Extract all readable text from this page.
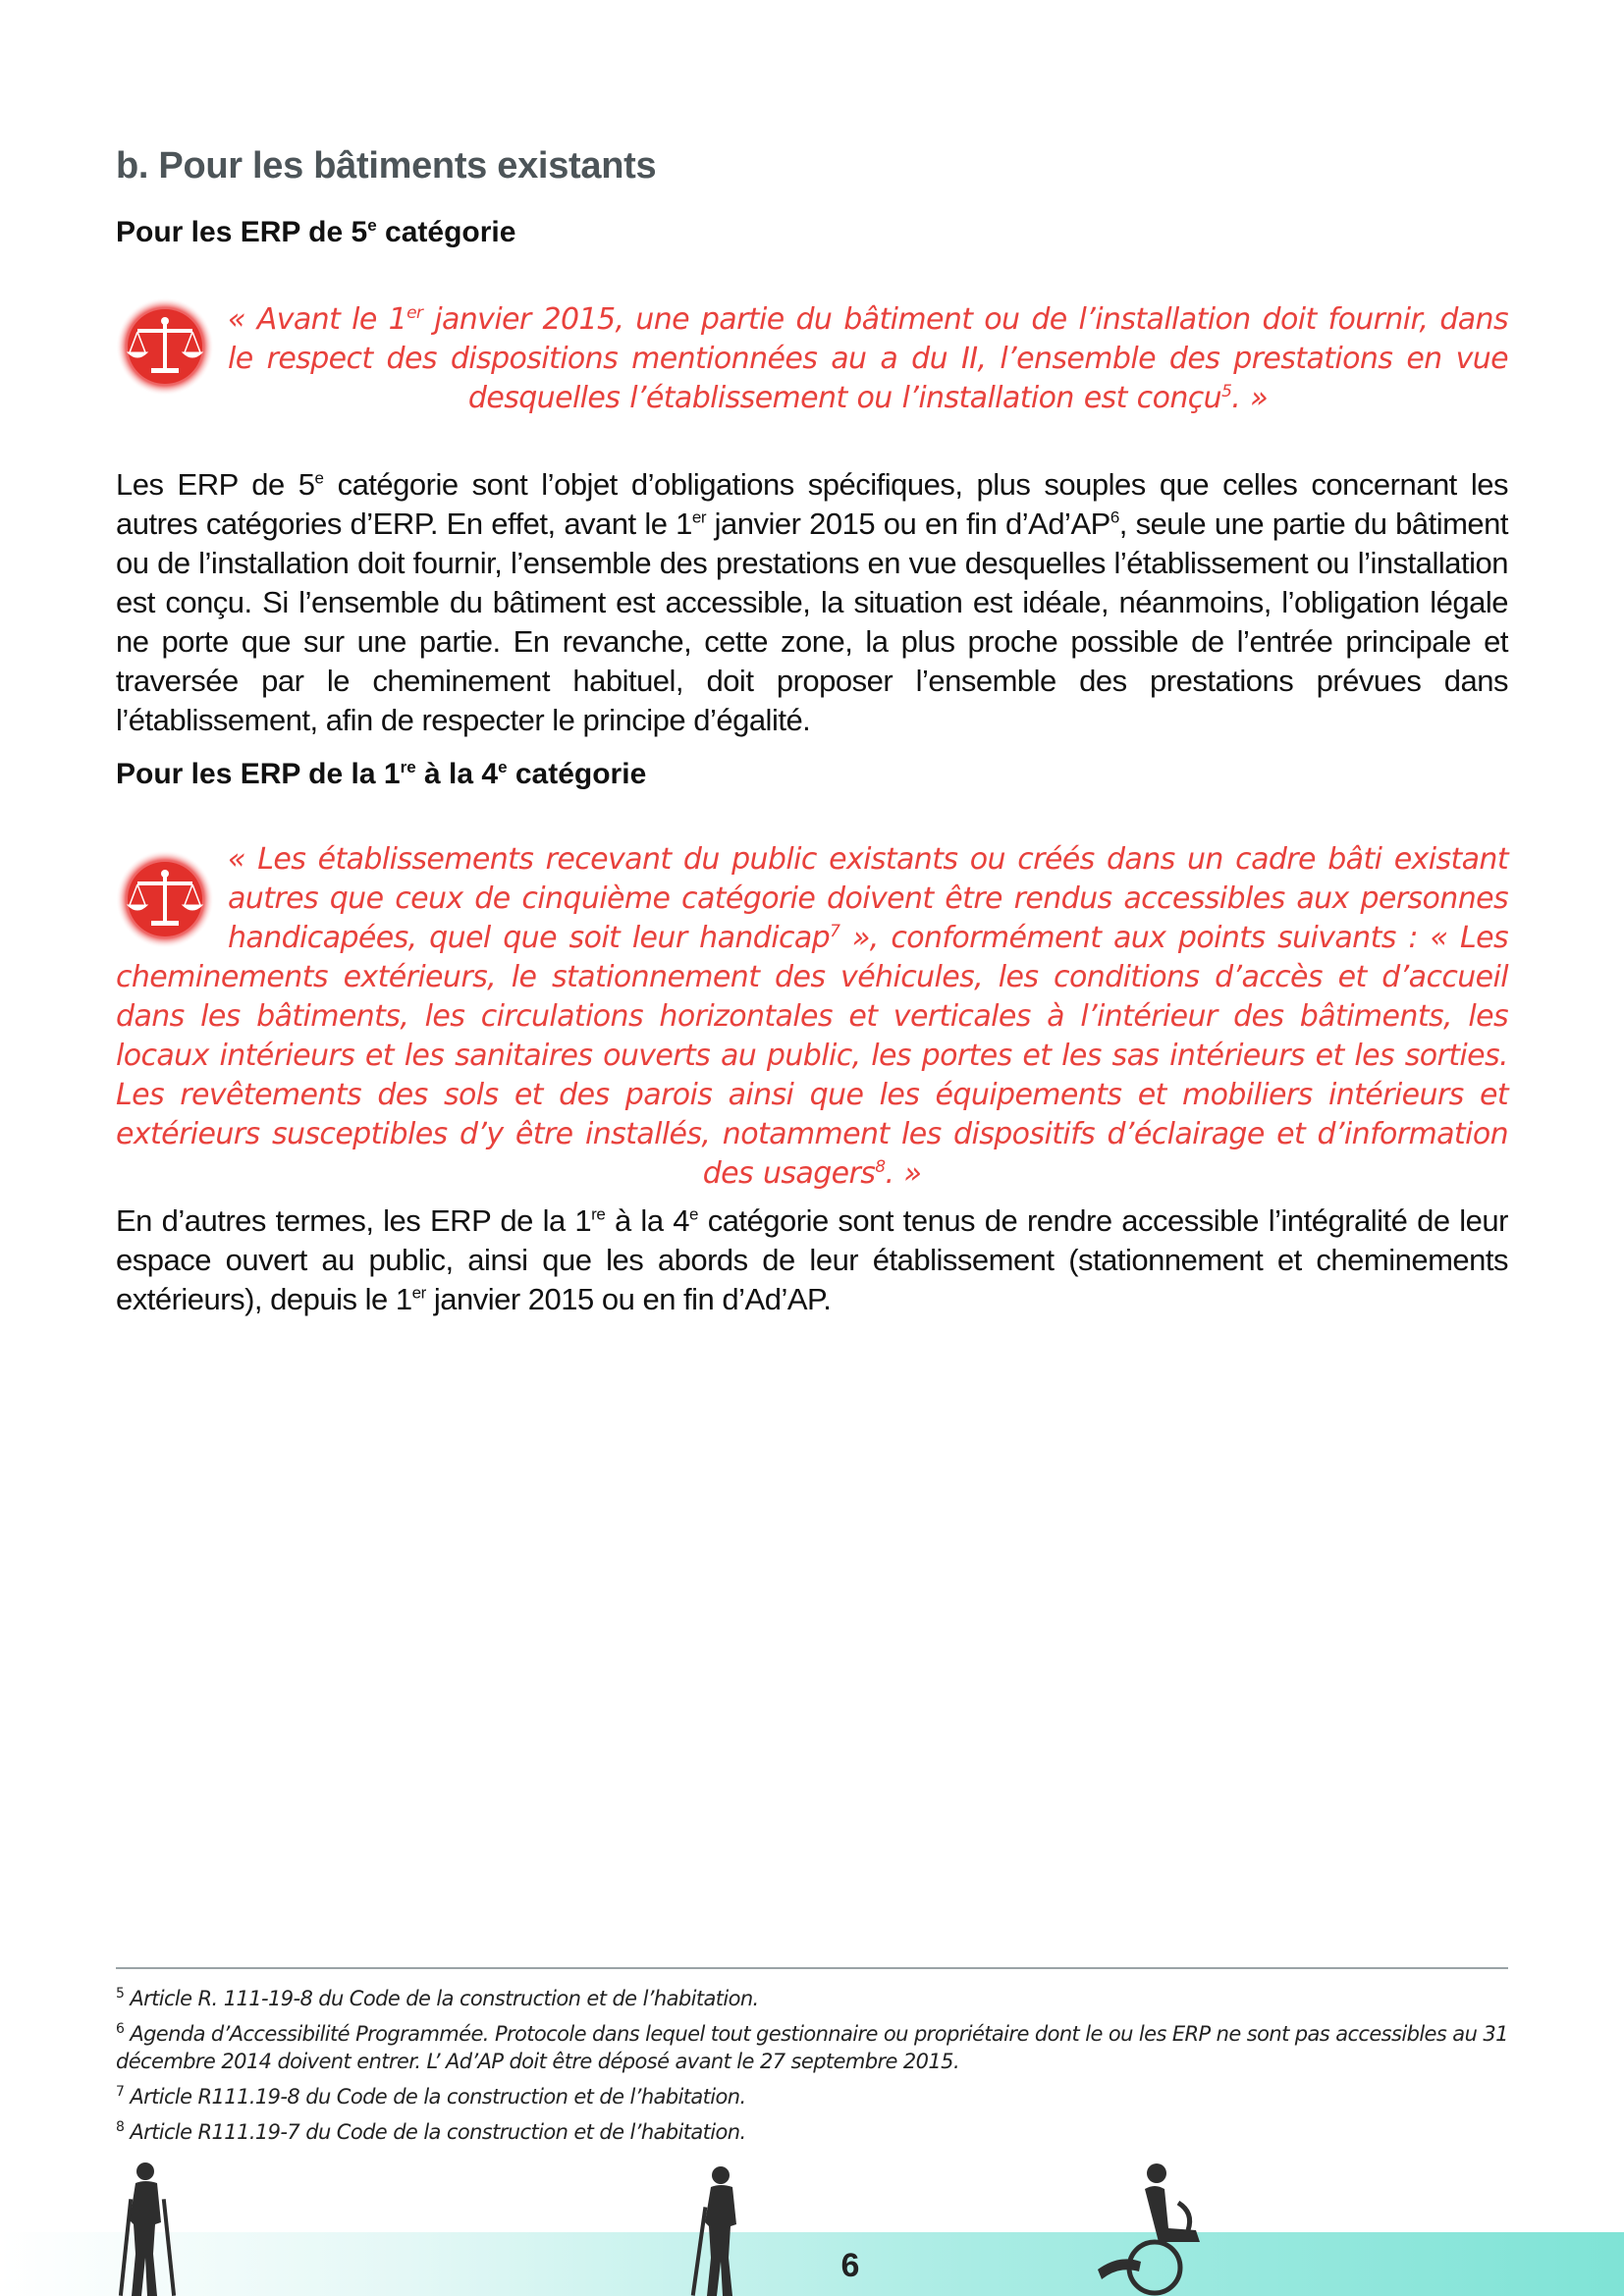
b. Pour les bâtiments existants
Pour les ERP de 5e catégorie
« Avant le 1er janvier 2015, une partie du bâtiment ou de l’installation doit fournir, dans le respect des dispositions mentionnées au a du II, l’ensemble des prestations en vue desquelles l’établissement ou l’installation est conçu$^5$. »
Les ERP de 5e catégorie sont l’objet d’obligations spécifiques, plus souples que celles concernant les autres catégories d’ERP. En effet, avant le 1er janvier 2015 ou en fin $d’Ad’AP^6$, seule une partie du bâtiment ou de l’installation doit fournir, l’ensemble des prestations en vue desquelles l’établissement ou l’installation est conçu. Si l’ensemble du bâtiment est accessible, la situation est idéale, néanmoins, l’obligation légale ne porte que sur une partie. En revanche, cette zone, la plus proche possible de l’entrée principale et traversée par le cheminement habituel, doit proposer l’ensemble des prestations prévues dans l’établissement, afin de respecter le principe d’égalité.
Pour les ERP de la 1re à la 4e catégorie
« Les établissements recevant du public existants ou créés dans un cadre bâti existant autres que ceux de cinquième catégorie doivent être rendus accessibles aux personnes handicapées, quel que soit leur handicap$^7$ », conformément aux points suivants : « Les cheminements extérieurs, le stationnement des véhicules, les conditions d’accès et d’accueil dans les bâtiments, les circulations horizontales et verticales à l’intérieur des bâtiments, les locaux intérieurs et les sanitaires ouverts au public, les portes et les sas intérieurs et les sorties. Les revêtements des sols et des parois ainsi que les équipements et mobiliers intérieurs et extérieurs susceptibles d’y être installés, notamment les dispositifs d’éclairage et d’information des usagers$^8$. »
En d’autres termes, les ERP de la 1re à la 4e catégorie sont tenus de rendre accessible l’intégralité de leur espace ouvert au public, ainsi que les abords de leur établissement (stationnement et cheminements extérieurs), depuis le 1er janvier 2015 ou en fin d’Ad’AP.
$^5$ Article R. 111-19-8 du Code de la construction et de l’habitation.
$^6$ Agenda d’Accessibilité Programmée. Protocole dans lequel tout gestionnaire ou propriétaire dont le ou les ERP ne sont pas accessibles au 31 décembre 2014 doivent entrer. L’ Ad’AP doit être déposé avant le 27 septembre 2015.
$^7$ Article R111.19-8 du Code de la construction et de l’habitation.
$^8$ Article R111.19-7 du Code de la construction et de l’habitation.
6
